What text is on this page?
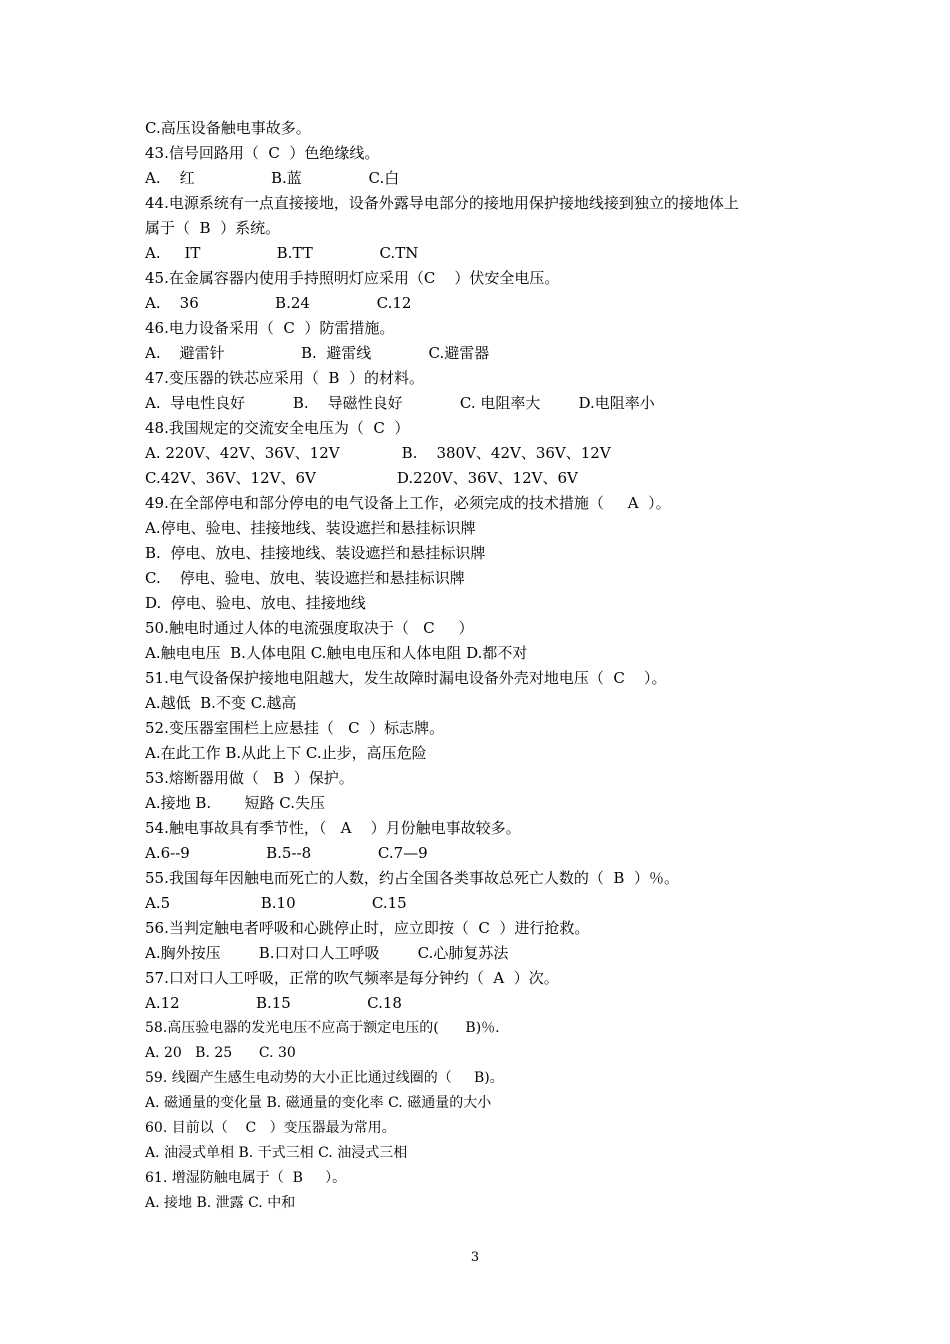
C.高压设备触电事故多。
43.信号回路用（  C  ）色绝缘线。
A.    红                B.蓝              C.白
44.电源系统有一点直接接地，设备外露导电部分的接地用保护接地线接到独立的接地体上
属于（  B  ）系统。
A.     IT                B.TT              C.TN
45.在金属容器内使用手持照明灯应采用（C    ）伏安全电压。
A.    36                B.24              C.12
46.电力设备采用（  C  ）防雷措施。
A.    避雷针                B.  避雷线            C.避雷器
47.变压器的铁芯应采用（  B  ）的材料。
A.  导电性良好          B.    导磁性良好            C. 电阻率大        D.电阻率小
48.我国规定的交流安全电压为（  C  ）
A. 220V、42V、36V、12V             B.    380V、42V、36V、12V
C.42V、36V、12V、6V                 D.220V、36V、12V、6V
49.在全部停电和部分停电的电气设备上工作，必须完成的技术措施（     A  ）。
A.停电、验电、挂接地线、装设遮拦和悬挂标识牌
B.  停电、放电、挂接地线、装设遮拦和悬挂标识牌
C.    停电、验电、放电、装设遮拦和悬挂标识牌
D.  停电、验电、放电、挂接地线
50.触电时通过人体的电流强度取决于（   C     ）
A.触电电压  B.人体电阻 C.触电电压和人体电阻 D.都不对
51.电气设备保护接地电阻越大，发生故障时漏电设备外壳对地电压（  C    ）。
A.越低  B.不变 C.越高
52.变压器室围栏上应悬挂（   C  ）标志牌。
A.在此工作 B.从此上下 C.止步，高压危险
53.熔断器用做（   B  ）保护。
A.接地 B.       短路 C.失压
54.触电事故具有季节性，（   A    ）月份触电事故较多。
A.6--9                B.5--8              C.7—9
55.我国每年因触电而死亡的人数，约占全国各类事故总死亡人数的（  B  ）％。
A.5                   B.10                C.15
56.当判定触电者呼吸和心跳停止时，应立即按（  C  ）进行抢救。
A.胸外按压        B.口对口人工呼吸        C.心肺复苏法
57.口对口人工呼吸，正常的吹气频率是每分钟约（  A  ）次。
A.12                B.15                C.18
58.高压验电器的发光电压不应高于额定电压的(      B)％.
A. 20   B. 25      C. 30
59. 线圈产生感生电动势的大小正比通过线圈的（     B)。
A. 磁通量的变化量 B. 磁通量的变化率 C. 磁通量的大小
60. 目前以（    C   ）变压器最为常用。
A. 油浸式单相 B. 干式三相 C. 油浸式三相
61. 增湿防触电属于（  B     ）。
A. 接地 B. 泄露 C. 中和
3
